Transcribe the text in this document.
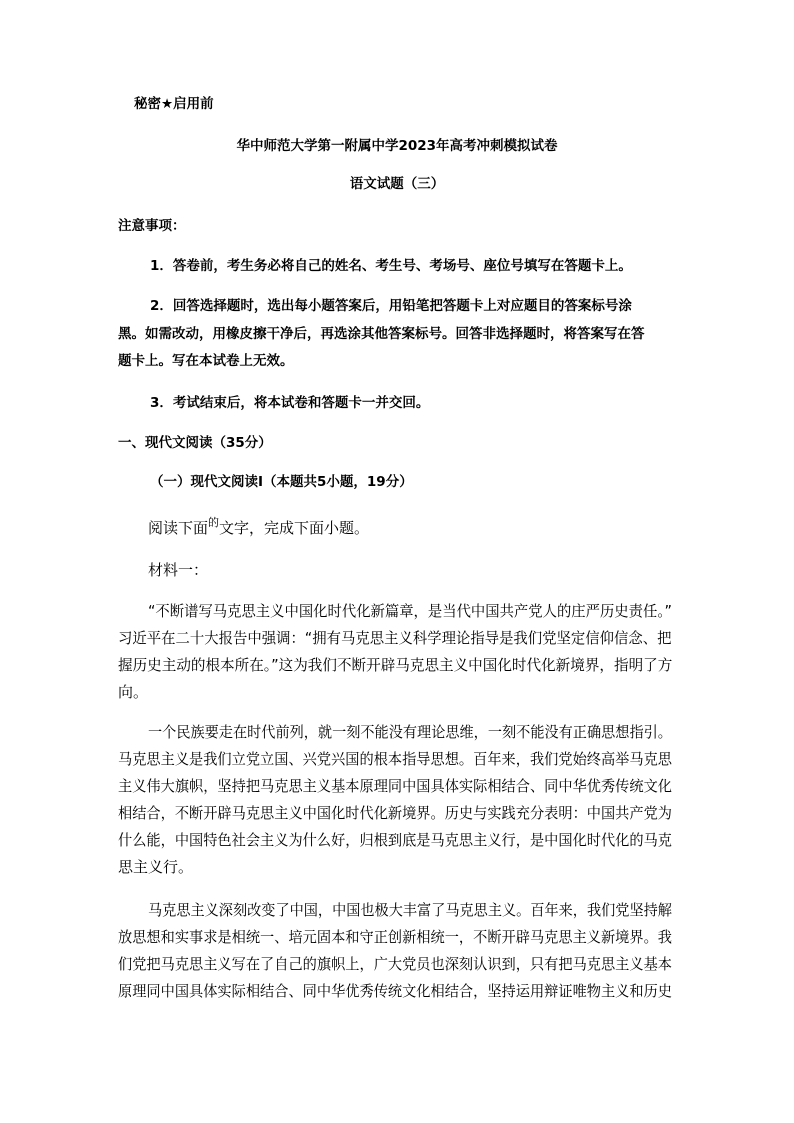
秘密★启用前
华中师范大学第一附属中学2023年高考冲刺模拟试卷
语文试题（三）
注意事项：
1．答卷前，考生务必将自己的姓名、考生号、考场号、座位号填写在答题卡上。
2．回答选择题时，选出每小题答案后，用铅笔把答题卡上对应题目的答案标号涂
黑。如需改动，用橡皮擦干净后，再选涂其他答案标号。回答非选择题时，将答案写在答
题卡上。写在本试卷上无效。
3．考试结束后，将本试卷和答题卡一并交回。
一、现代文阅读（35分）
（一）现代文阅读Ⅰ（本题共5小题，19分）
阅读下面$^的$文字，完成下面小题。
材料一：
“不断谱写马克思主义中国化时代化新篇章，是当代中国共产党人的庄严历史责任。”
习近平在二十大报告中强调：“拥有马克思主义科学理论指导是我们党坚定信仰信念、把
握历史主动的根本所在。”这为我们不断开辟马克思主义中国化时代化新境界，指明了方
向。
一个民族要走在时代前列，就一刻不能没有理论思维，一刻不能没有正确思想指引。
马克思主义是我们立党立国、兴党兴国的根本指导思想。百年来，我们党始终高举马克思
主义伟大旗帜，坚持把马克思主义基本原理同中国具体实际相结合、同中华优秀传统文化
相结合，不断开辟马克思主义中国化时代化新境界。历史与实践充分表明：中国共产党为
什么能，中国特色社会主义为什么好，归根到底是马克思主义行，是中国化时代化的马克
思主义行。
马克思主义深刻改变了中国，中国也极大丰富了马克思主义。百年来，我们党坚持解
放思想和实事求是相统一、培元固本和守正创新相统一，不断开辟马克思主义新境界。我
们党把马克思主义写在了自己的旗帜上，广大党员也深刻认识到，只有把马克思主义基本
原理同中国具体实际相结合、同中华优秀传统文化相结合，坚持运用辩证唯物主义和历史
